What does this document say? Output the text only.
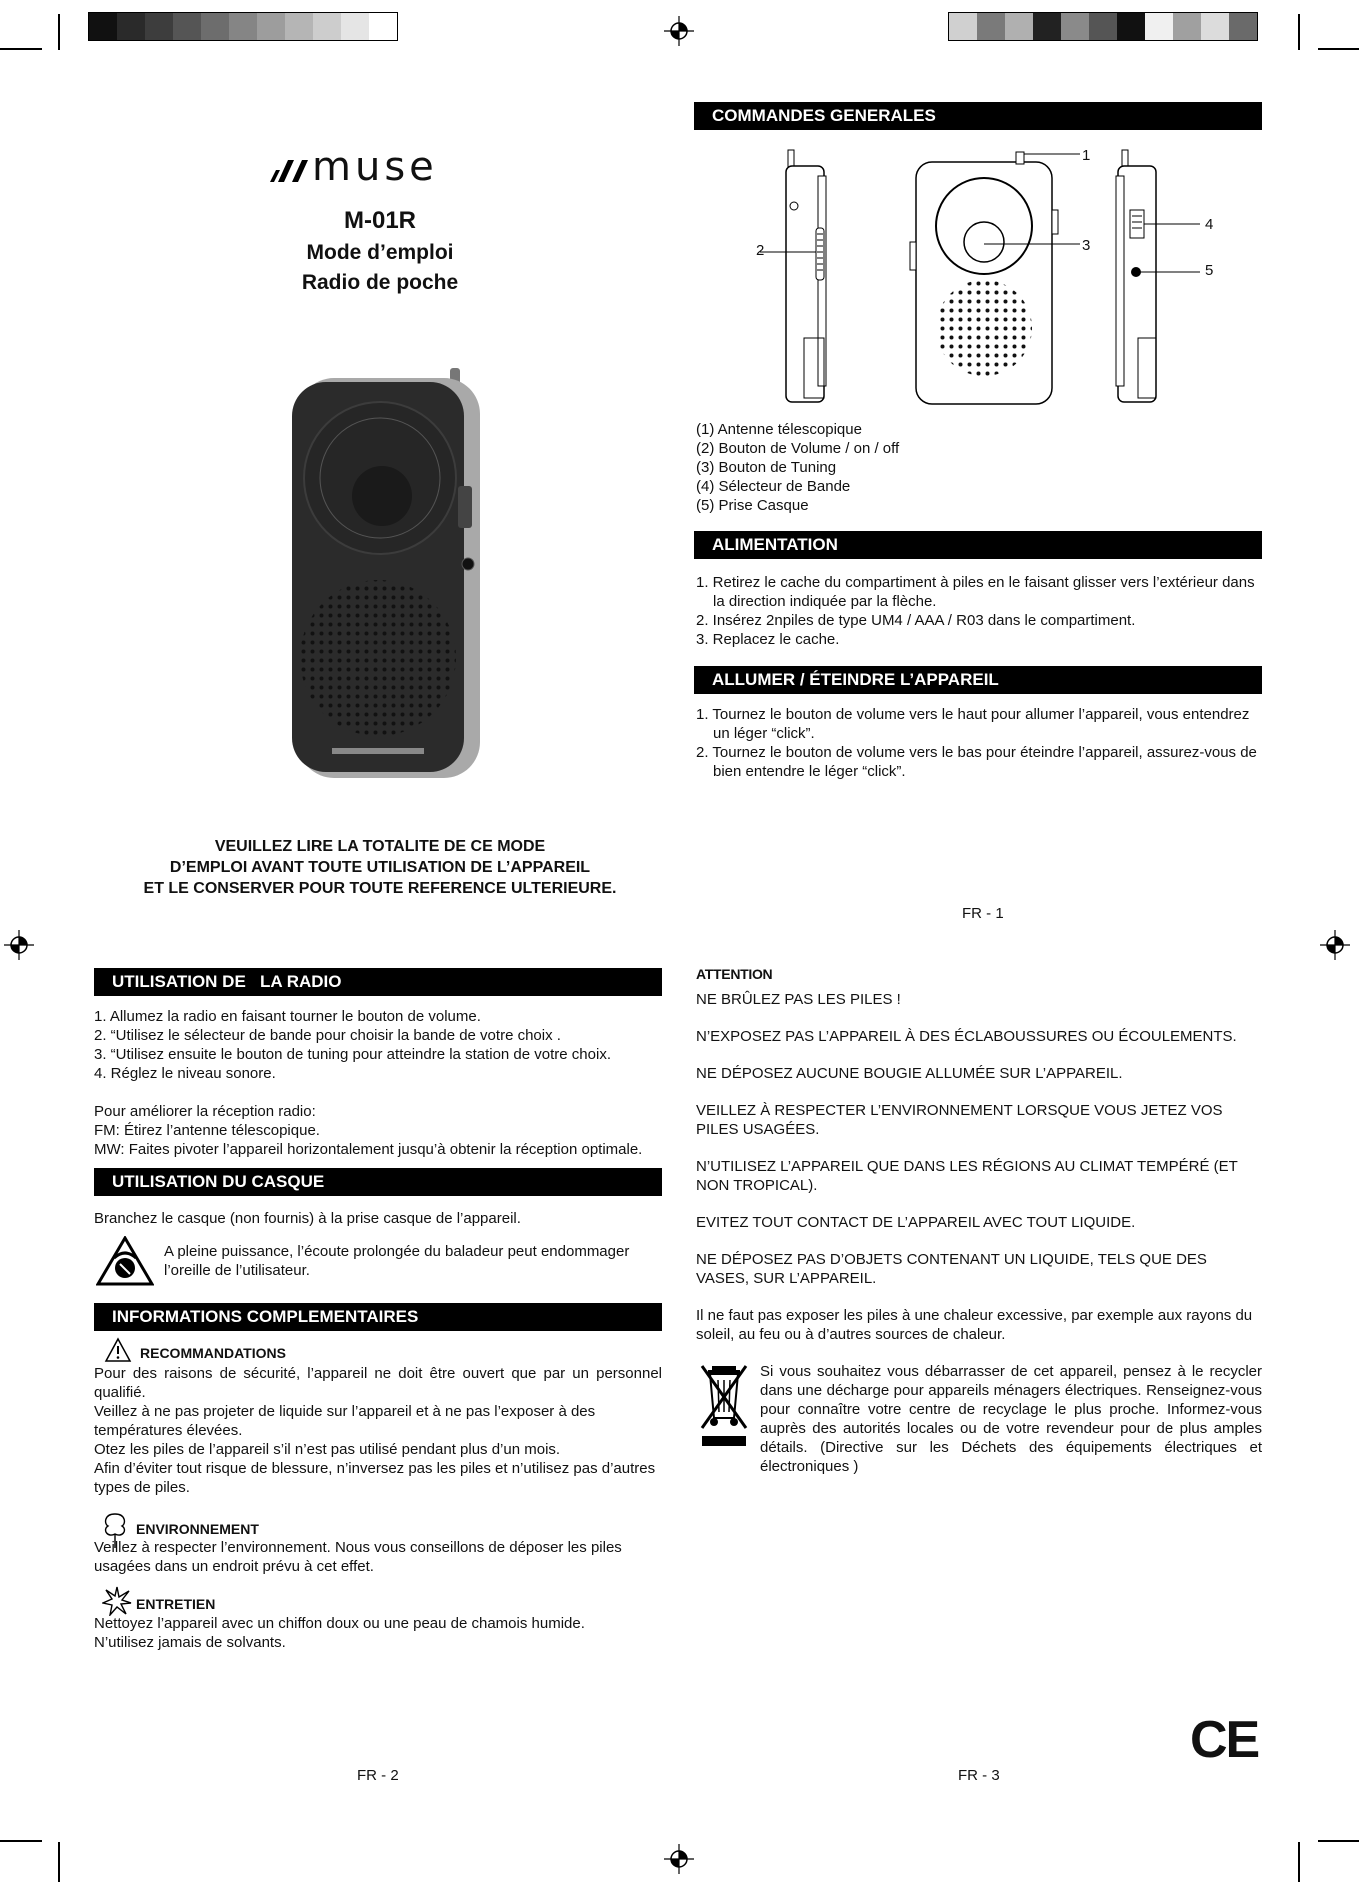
muse
M-01R
Mode d’emploi
Radio de poche
VEUILLEZ LIRE LA TOTALITE DE CE MODE
D’EMPLOI AVANT TOUTE UTILISATION DE L’APPAREIL
ET LE CONSERVER POUR TOUTE REFERENCE ULTERIEURE.
COMMANDES GENERALES
1
2	3
4
5
(1) Antenne télescopique
(2) Bouton de Volume / on / off
(3) Bouton de Tuning
(4) Sélecteur de Bande
(5) Prise Casque
ALIMENTATION
1. Retirez le cache du compartiment à piles en le faisant glisser vers l’extérieur dans la direction indiquée par la flèche.
2. Insérez 2npiles de type UM4 / AAA / R03 dans le compartiment.
3. Replacez le cache.
ALLUMER / ÉTEINDRE L’APPAREIL
1. Tournez le bouton de volume vers le haut pour allumer l’appareil, vous entendrez un léger “click”.
2. Tournez le bouton de volume vers le bas pour éteindre l’appareil, assurez-vous de bien entendre le léger “click”.
FR - 1
UTILISATION DE   LA RADIO
1. Allumez la radio en faisant tourner le bouton de volume.
2. “Utilisez le sélecteur de bande pour choisir la bande de votre choix .
3. “Utilisez ensuite le bouton de tuning pour atteindre la station de votre choix.
4. Réglez le niveau sonore.
Pour améliorer la réception radio:
FM: Étirez l’antenne télescopique.
MW: Faites pivoter l’appareil horizontalement jusqu’à obtenir la réception optimale.
UTILISATION DU CASQUE
Branchez le casque (non fournis) à la prise casque de l’appareil.
A pleine puissance, l’écoute prolongée du baladeur peut endommager l’oreille de l’utilisateur.
INFORMATIONS COMPLEMENTAIRES
RECOMMANDATIONS
Pour des raisons de sécurité, l’appareil ne doit être ouvert que par un personnel qualifié.
Veillez à ne pas projeter de liquide sur l’appareil et à ne pas l’exposer à des températures élevées.
Otez les piles de l’appareil s’il n’est pas utilisé pendant plus d’un mois.
Afin d’éviter tout risque de blessure, n’inversez pas les piles et n’utilisez pas d’autres types de piles.
ENVIRONNEMENT
Veillez à respecter l’environnement. Nous vous conseillons de déposer les piles usagées dans un endroit prévu à cet effet.
ENTRETIEN
Nettoyez l’appareil avec un chiffon doux ou une peau de chamois humide.
N’utilisez jamais de solvants.
FR - 2
ATTENTION

NE BRÛLEZ PAS LES PILES !

N’EXPOSEZ PAS L’APPAREIL À DES ÉCLABOUSSURES OU ÉCOULEMENTS.

NE DÉPOSEZ AUCUNE BOUGIE ALLUMÉE SUR L’APPAREIL.

VEILLEZ À RESPECTER L’ENVIRONNEMENT LORSQUE VOUS JETEZ VOS PILES USAGÉES.

N’UTILISEZ L’APPAREIL QUE DANS LES RÉGIONS AU CLIMAT TEMPÉRÉ (ET NON TROPICAL).

EVITEZ TOUT CONTACT DE L’APPAREIL AVEC TOUT LIQUIDE.

NE DÉPOSEZ PAS D’OBJETS CONTENANT UN LIQUIDE, TELS QUE DES VASES, SUR L’APPAREIL.

Il ne faut pas exposer les piles à une chaleur excessive, par exemple aux rayons du soleil, au feu ou à d’autres sources de chaleur.

Si vous souhaitez vous débarrasser de cet appareil, pensez à le recycler dans une décharge pour appareils ménagers électriques. Renseignez-vous pour connaître votre centre de recyclage le plus proche. Informez-vous auprès des autorités locales ou de votre revendeur pour de plus amples détails. (Directive sur les Déchets des équipements électriques et électroniques )
CE
FR - 3
